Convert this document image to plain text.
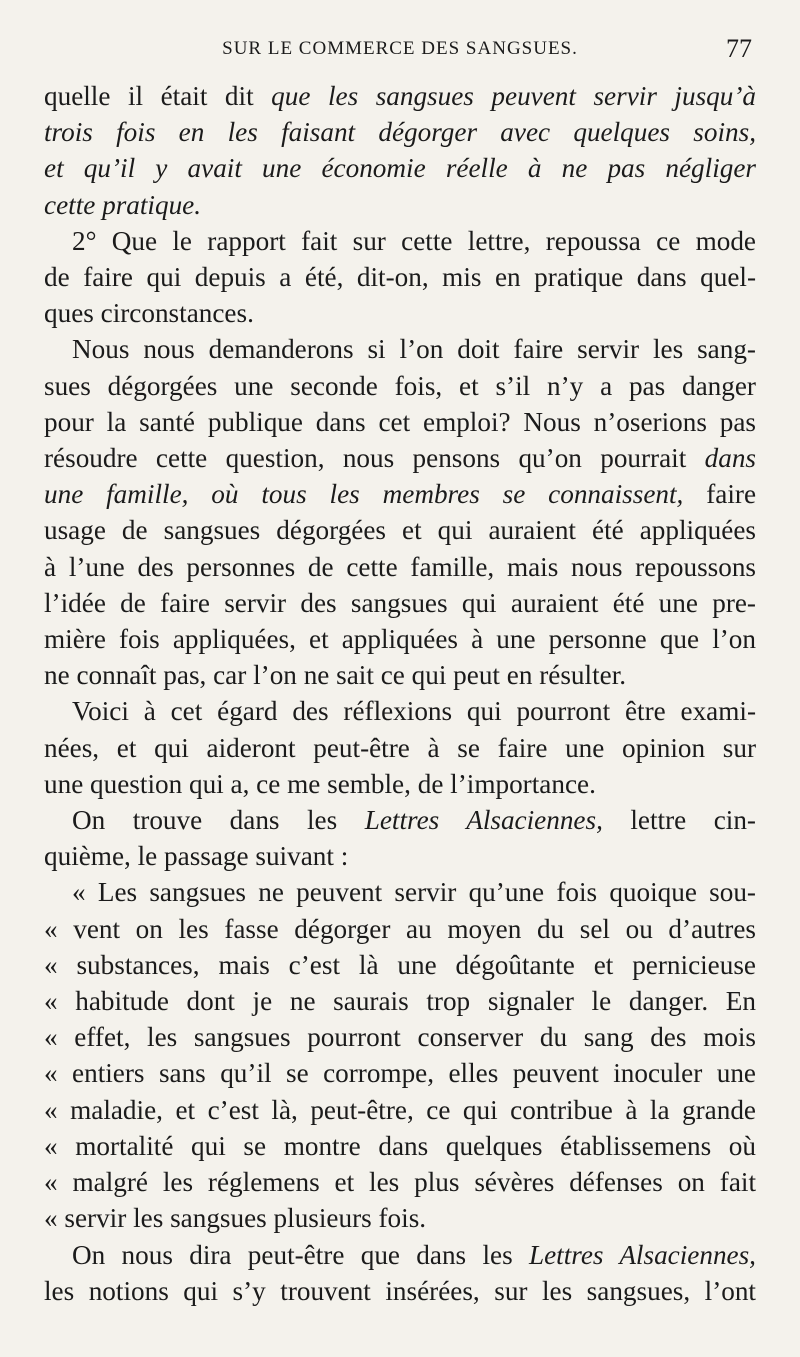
SUR LE COMMERCE DES SANGSUES.	77
quelle il était dit que les sangsues peuvent servir jusqu’à
trois fois en les faisant dégorger avec quelques soins,
et qu’il y avait une économie réelle à ne pas négliger
cette pratique.
2° Que le rapport fait sur cette lettre, repoussa ce mode
de faire qui depuis a été, dit-on, mis en pratique dans quel-
ques circonstances.
Nous nous demanderons si l’on doit faire servir les sang-
sues dégorgées une seconde fois, et s’il n’y a pas danger
pour la santé publique dans cet emploi? Nous n’oserions pas
résoudre cette question, nous pensons qu’on pourrait dans
une famille, où tous les membres se connaissent, faire
usage de sangsues dégorgées et qui auraient été appliquées
à l’une des personnes de cette famille, mais nous repoussons
l’idée de faire servir des sangsues qui auraient été une pre-
mière fois appliquées, et appliquées à une personne que l’on
ne connaît pas, car l’on ne sait ce qui peut en résulter.
Voici à cet égard des réflexions qui pourront être exami-
nées, et qui aideront peut-être à se faire une opinion sur
une question qui a, ce me semble, de l’importance.
On trouve dans les Lettres Alsaciennes, lettre cin-
quième, le passage suivant :
« Les sangsues ne peuvent servir qu’une fois quoique sou-
« vent on les fasse dégorger au moyen du sel ou d’autres
« substances, mais c’est là une dégoûtante et pernicieuse
« habitude dont je ne saurais trop signaler le danger. En
« effet, les sangsues pourront conserver du sang des mois
« entiers sans qu’il se corrompe, elles peuvent inoculer une
« maladie, et c’est là, peut-être, ce qui contribue à la grande
« mortalité qui se montre dans quelques établissemens où
« malgré les réglemens et les plus sévères défenses on fait
« servir les sangsues plusieurs fois.
On nous dira peut-être que dans les Lettres Alsaciennes,
les notions qui s’y trouvent insérées, sur les sangsues, l’ont
